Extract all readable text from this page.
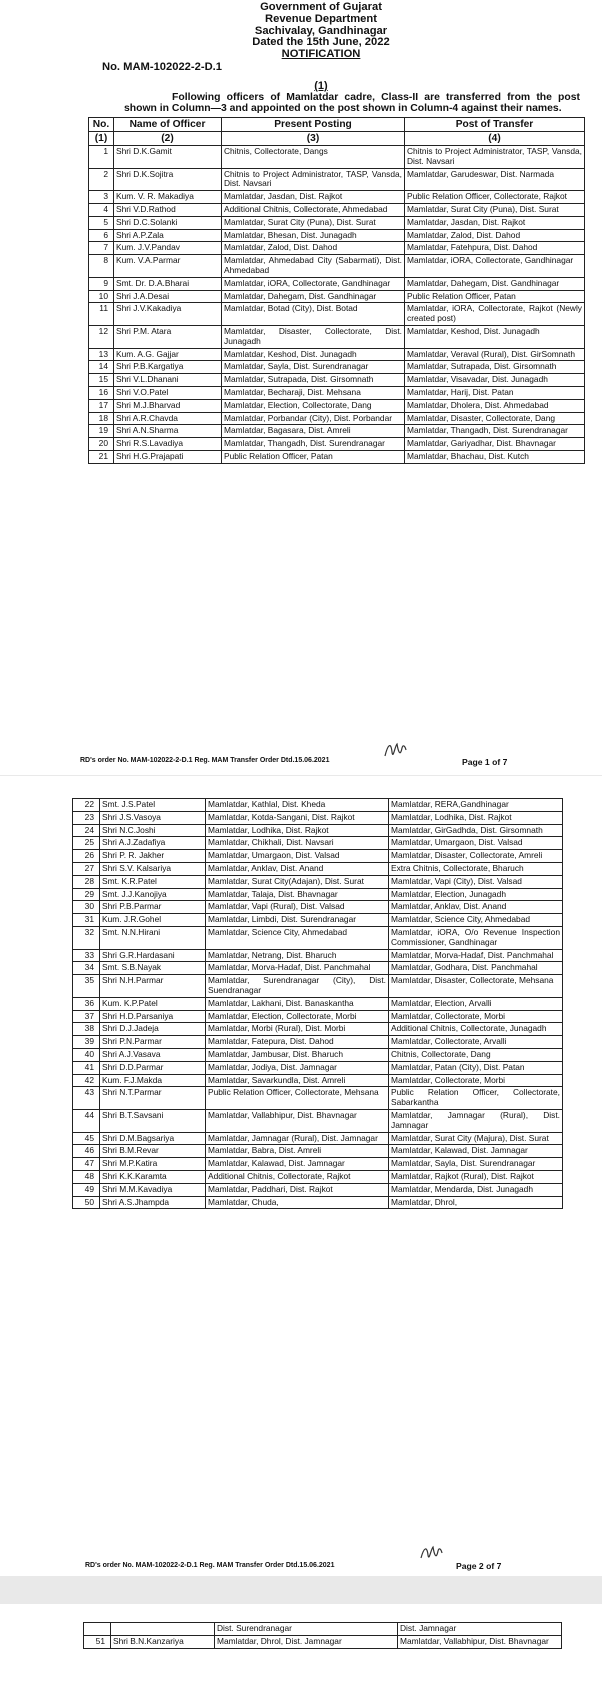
Government of Gujarat
Revenue Department
Sachivalay, Gandhinagar
Dated the 15th June, 2022
NOTIFICATION
No. MAM-102022-2-D.1
(1)
Following officers of Mamlatdar cadre, Class-II are transferred from the post shown in Column—3 and appointed on the post shown in Column-4 against their names.
No.	Name of Officer	Present Posting	Post of Transfer
(1)	(2)	(3)	(4)
1	Shri D.K.Gamit	Chitnis, Collectorate, Dangs	Chitnis to Project Administrator, TASP, Vansda, Dist. Navsari
2	Shri D.K.Sojitra	Chitnis to Project Administrator, TASP, Vansda, Dist. Navsari	Mamlatdar, Garudeswar, Dist. Narmada
3	Kum. V. R. Makadiya	Mamlatdar, Jasdan, Dist. Rajkot	Public Relation Officer, Collectorate, Rajkot
4	Shri V.D.Rathod	Additional Chitnis, Collectorate, Ahmedabad	Mamlatdar, Surat City (Puna), Dist. Surat
5	Shri D.C.Solanki	Mamlatdar, Surat City (Puna), Dist. Surat	Mamlatdar, Jasdan, Dist. Rajkot
6	Shri A.P.Zala	Mamlatdar, Bhesan, Dist. Junagadh	Mamlatdar, Zalod, Dist. Dahod
7	Kum. J.V.Pandav	Mamlatdar, Zalod, Dist. Dahod	Mamlatdar, Fatehpura, Dist. Dahod
8	Kum. V.A.Parmar	Mamlatdar, Ahmedabad City (Sabarmati), Dist. Ahmedabad	Mamlatdar, iORA, Collectorate, Gandhinagar
9	Smt. Dr. D.A.Bharai	Mamlatdar, iORA, Collectorate, Gandhinagar	Mamlatdar, Dahegam, Dist. Gandhinagar
10	Shri J.A.Desai	Mamlatdar, Dahegam, Dist. Gandhinagar	Public Relation Officer, Patan
11	Shri J.V.Kakadiya	Mamlatdar, Botad (City), Dist. Botad	Mamlatdar, iORA, Collectorate, Rajkot (Newly created post)
12	Shri P.M. Atara	Mamlatdar, Disaster, Collectorate, Dist. Junagadh	Mamlatdar, Keshod, Dist. Junagadh
13	Kum. A.G. Gajjar	Mamlatdar, Keshod, Dist. Junagadh	Mamlatdar, Veraval (Rural), Dist. GirSomnath
14	Shri P.B.Kargatiya	Mamlatdar, Sayla, Dist. Surendranagar	Mamlatdar, Sutrapada, Dist. Girsomnath
15	Shri V.L.Dhanani	Mamlatdar, Sutrapada, Dist. Girsomnath	Mamlatdar, Visavadar, Dist. Junagadh
16	Shri V.O.Patel	Mamlatdar, Becharaji, Dist. Mehsana	Mamlatdar, Harij, Dist. Patan
17	Shri M.J.Bharvad	Mamlatdar, Election, Collectorate, Dang	Mamlatdar, Dholera, Dist. Ahmedabad
18	Shri A.R.Chavda	Mamlatdar, Porbandar (City), Dist. Porbandar	Mamlatdar, Disaster, Collectorate, Dang
19	Shri A.N.Sharma	Mamlatdar, Bagasara, Dist. Amreli	Mamlatdar, Thangadh, Dist. Surendranagar
20	Shri R.S.Lavadiya	Mamlatdar, Thangadh, Dist. Surendranagar	Mamlatdar, Gariyadhar, Dist. Bhavnagar
21	Shri H.G.Prajapati	Public Relation Officer, Patan	Mamlatdar, Bhachau, Dist. Kutch
RD's order No. MAM-102022-2-D.1 Reg. MAM Transfer Order Dtd.15.06.2021	Page 1 of 7
22	Smt. J.S.Patel	Mamlatdar, Kathlal, Dist. Kheda	Mamlatdar, RERA,Gandhinagar
23	Shri J.S.Vasoya	Mamlatdar, Kotda-Sangani, Dist. Rajkot	Mamlatdar, Lodhika, Dist. Rajkot
24	Shri N.C.Joshi	Mamlatdar, Lodhika, Dist. Rajkot	Mamlatdar, GirGadhda, Dist. Girsomnath
25	Shri A.J.Zadafiya	Mamlatdar, Chikhali, Dist. Navsari	Mamlatdar, Umargaon, Dist. Valsad
26	Shri P. R. Jakher	Mamlatdar, Umargaon, Dist. Valsad	Mamlatdar, Disaster, Collectorate, Amreli
27	Shri S.V. Kalsariya	Mamlatdar, Anklav, Dist. Anand	Extra Chitnis, Collectorate, Bharuch
28	Smt. K.R.Patel	Mamlatdar, Surat City(Adajan), Dist. Surat	Mamlatdar, Vapi (City), Dist. Valsad
29	Smt. J.J.Kanojiya	Mamlatdar, Talaja, Dist. Bhavnagar	Mamlatdar, Election, Junagadh
30	Shri P.B.Parmar	Mamlatdar, Vapi (Rural), Dist. Valsad	Mamlatdar, Anklav, Dist. Anand
31	Kum. J.R.Gohel	Mamlatdar, Limbdi, Dist. Surendranagar	Mamlatdar, Science City, Ahmedabad
32	Smt. N.N.Hirani	Mamlatdar, Science City, Ahmedabad	Mamlatdar, iORA, O/o Revenue Inspection Commissioner, Gandhinagar
33	Shri G.R.Hardasani	Mamlatdar, Netrang, Dist. Bharuch	Mamlatdar, Morva-Hadaf, Dist. Panchmahal
34	Smt. S.B.Nayak	Mamlatdar, Morva-Hadaf, Dist. Panchmahal	Mamlatdar, Godhara, Dist. Panchmahal
35	Shri N.H.Parmar	Mamlatdar, Surendranagar (City), Dist. Suendranagar	Mamlatdar, Disaster, Collectorate, Mehsana
36	Kum. K.P.Patel	Mamlatdar, Lakhani, Dist. Banaskantha	Mamlatdar, Election, Arvalli
37	Shri H.D.Parsaniya	Mamlatdar, Election, Collectorate, Morbi	Mamlatdar, Collectorate, Morbi
38	Shri D.J.Jadeja	Mamlatdar, Morbi (Rural), Dist. Morbi	Additional Chitnis, Collectorate, Junagadh
39	Shri P.N.Parmar	Mamlatdar, Fatepura, Dist. Dahod	Mamlatdar, Collectorate, Arvalli
40	Shri A.J.Vasava	Mamlatdar, Jambusar, Dist. Bharuch	Chitnis, Collectorate, Dang
41	Shri D.D.Parmar	Mamlatdar, Jodiya, Dist. Jamnagar	Mamlatdar, Patan (City), Dist. Patan
42	Kum. F.J.Makda	Mamlatdar, Savarkundla, Dist. Amreli	Mamlatdar, Collectorate, Morbi
43	Shri N.T.Parmar	Public Relation Officer, Collectorate, Mehsana	Public Relation Officer, Collectorate, Sabarkantha
44	Shri B.T.Savsani	Mamlatdar, Vallabhipur, Dist. Bhavnagar	Mamlatdar, Jamnagar (Rural), Dist. Jamnagar
45	Shri D.M.Bagsariya	Mamlatdar, Jamnagar (Rural), Dist. Jamnagar	Mamlatdar, Surat City (Majura), Dist. Surat
46	Shri B.M.Revar	Mamlatdar, Babra, Dist. Amreli	Mamlatdar, Kalawad, Dist. Jamnagar
47	Shri M.P.Katira	Mamlatdar, Kalawad, Dist. Jamnagar	Mamlatdar, Sayla, Dist. Surendranagar
48	Shri K.K.Karamta	Additional Chitnis, Collectorate, Rajkot	Mamlatdar, Rajkot (Rural), Dist. Rajkot
49	Shri M.M.Kavadiya	Mamlatdar, Paddhari, Dist. Rajkot	Mamlatdar, Mendarda, Dist. Junagadh
50	Shri A.S.Jhampda	Mamlatdar, Chuda,	Mamlatdar, Dhrol,
RD's order No. MAM-102022-2-D.1 Reg. MAM Transfer Order Dtd.15.06.2021	Page 2 of 7
		Dist. Surendranagar	Dist. Jamnagar
51	Shri B.N.Kanzariya	Mamlatdar, Dhrol, Dist. Jamnagar	Mamlatdar, Vallabhipur, Dist. Bhavnagar
